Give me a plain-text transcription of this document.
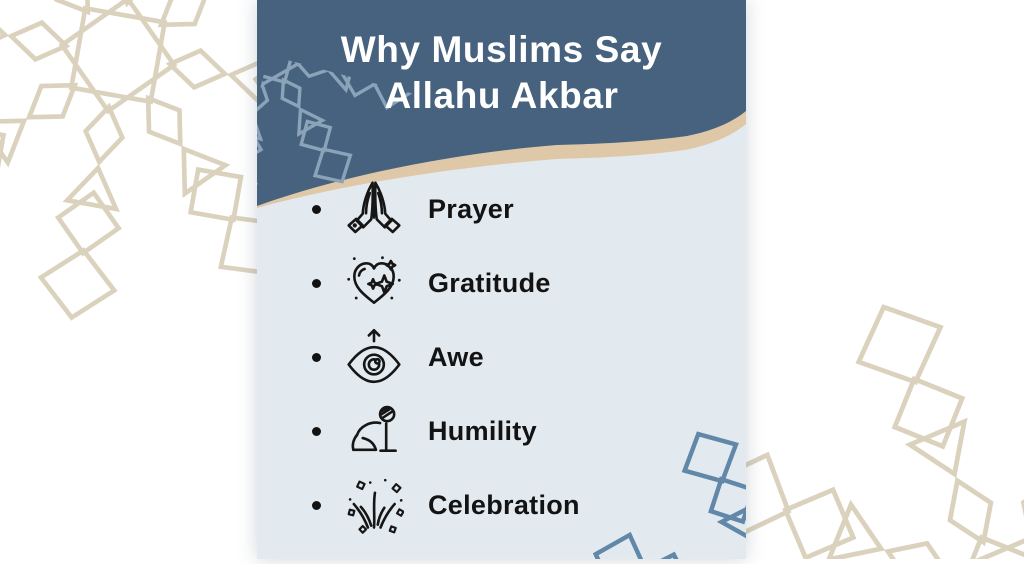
Why Muslims Say
Allahu Akbar
Prayer
Gratitude
Awe
Humility
Celebration
